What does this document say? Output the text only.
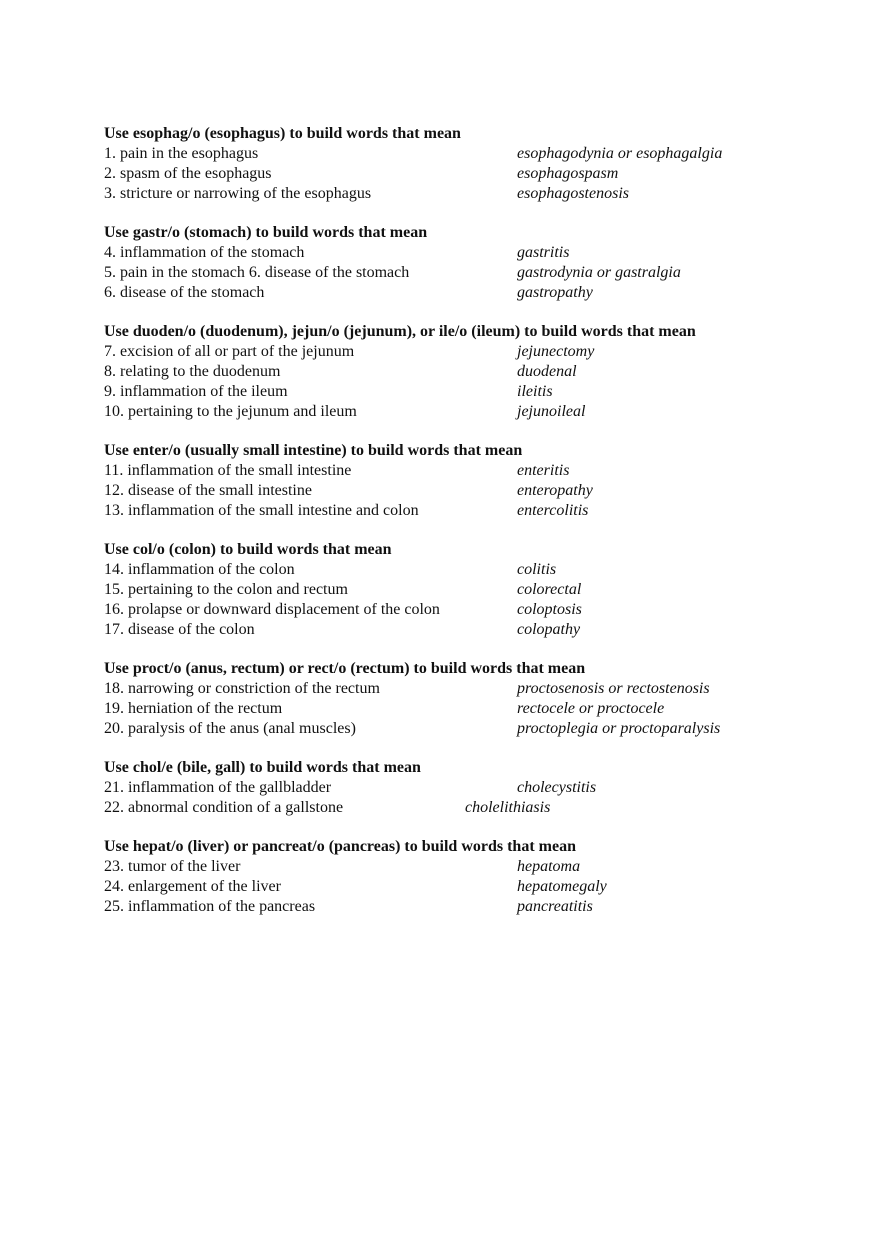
Use esophag/o (esophagus) to build words that mean
1. pain in the esophagus	esophagodynia or esophagalgia
2. spasm of the esophagus	esophagospasm
3. stricture or narrowing of the esophagus	esophagostenosis
Use gastr/o (stomach) to build words that mean
4. inflammation of the stomach	gastritis
5. pain in the stomach 6. disease of the stomach	gastrodynia or gastralgia
6. disease of the stomach	gastropathy
Use duoden/o (duodenum), jejun/o (jejunum), or ile/o (ileum) to build words that mean
7. excision of all or part of the jejunum	jejunectomy
8. relating to the duodenum	duodenal
9. inflammation of the ileum	ileitis
10. pertaining to the jejunum and ileum	jejunoileal
Use enter/o (usually small intestine) to build words that mean
11. inflammation of the small intestine	enteritis
12. disease of the small intestine	enteropathy
13. inflammation of the small intestine and colon	entercolitis
Use col/o (colon) to build words that mean
14. inflammation of the colon	colitis
15. pertaining to the colon and rectum	colorectal
16. prolapse or downward displacement of the colon	coloptosis
17. disease of the colon	colopathy
Use proct/o (anus, rectum) or rect/o (rectum) to build words that mean
18. narrowing or constriction of the rectum	proctosenosis or rectostenosis
19. herniation of the rectum	rectocele or proctocele
20. paralysis of the anus (anal muscles)	proctoplegia or proctoparalysis
Use chol/e (bile, gall) to build words that mean
21. inflammation of the gallbladder	cholecystitis
22. abnormal condition of a gallstone	cholelithiasis
Use hepat/o (liver) or pancreat/o (pancreas) to build words that mean
23. tumor of the liver	hepatoma
24. enlargement of the liver	hepatomegaly
25. inflammation of the pancreas	pancreatitis
